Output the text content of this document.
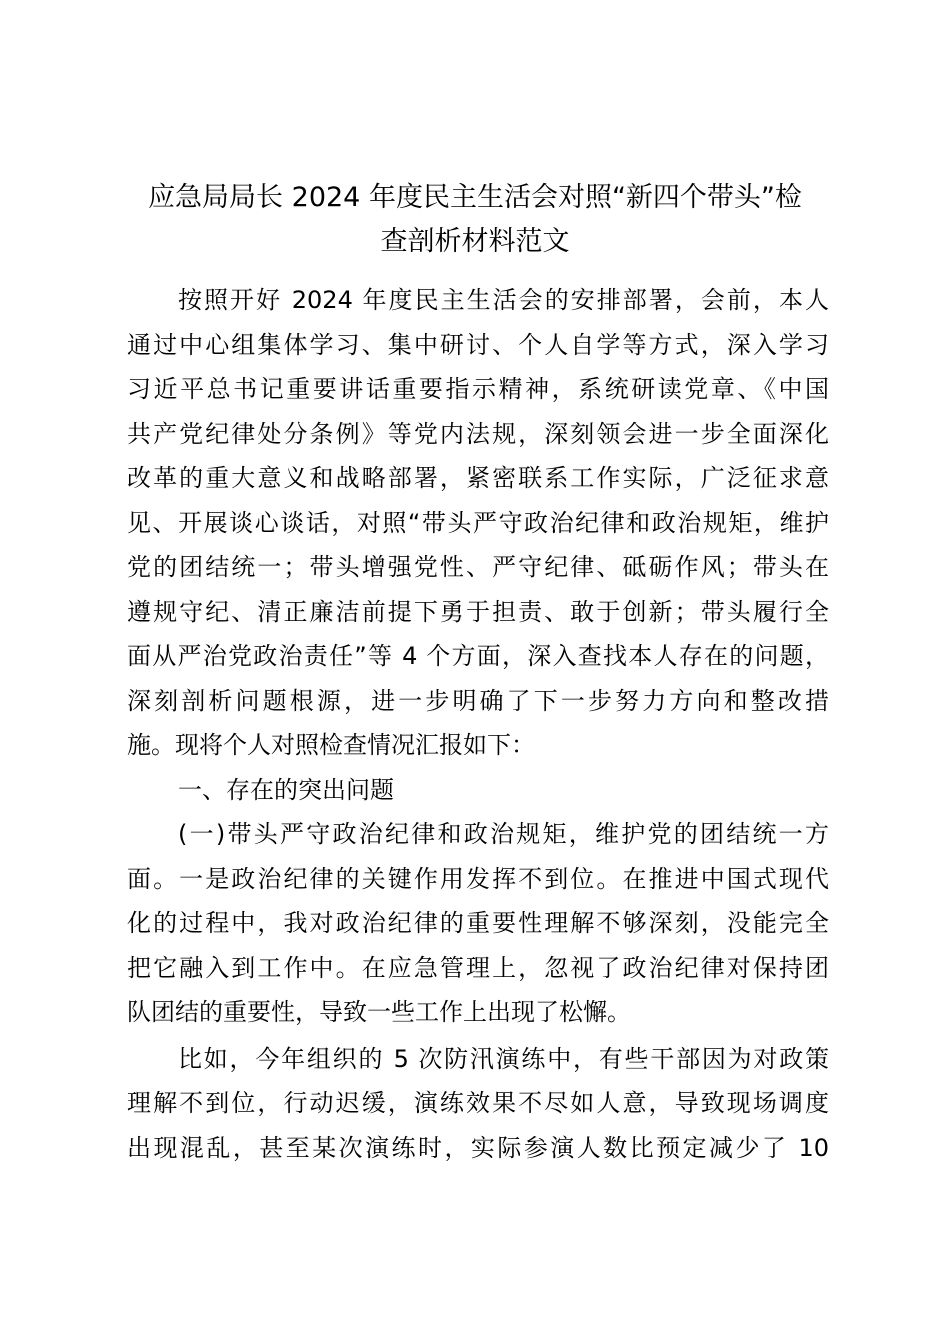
应急局局长 2024 年度民主生活会对照“新四个带头”检
查剖析材料范文
按照开好 2024 年度民主生活会的安排部署，会前，本人
通过中心组集体学习、集中研讨、个人自学等方式，深入学习
习近平总书记重要讲话重要指示精神，系统研读党章、《中国
共产党纪律处分条例》等党内法规，深刻领会进一步全面深化
改革的重大意义和战略部署，紧密联系工作实际，广泛征求意
见、开展谈心谈话，对照“带头严守政治纪律和政治规矩，维护
党的团结统一；带头增强党性、严守纪律、砥砺作风；带头在
遵规守纪、清正廉洁前提下勇于担责、敢于创新；带头履行全
面从严治党政治责任”等 4 个方面，深入查找本人存在的问题，
深刻剖析问题根源，进一步明确了下一步努力方向和整改措
施。现将个人对照检查情况汇报如下：
一、存在的突出问题
(一)带头严守政治纪律和政治规矩，维护党的团结统一方
面。一是政治纪律的关键作用发挥不到位。在推进中国式现代
化的过程中，我对政治纪律的重要性理解不够深刻，没能完全
把它融入到工作中。在应急管理上，忽视了政治纪律对保持团
队团结的重要性，导致一些工作上出现了松懈。
比如，今年组织的 5 次防汛演练中，有些干部因为对政策
理解不到位，行动迟缓，演练效果不尽如人意，导致现场调度
出现混乱，甚至某次演练时，实际参演人数比预定减少了 10
